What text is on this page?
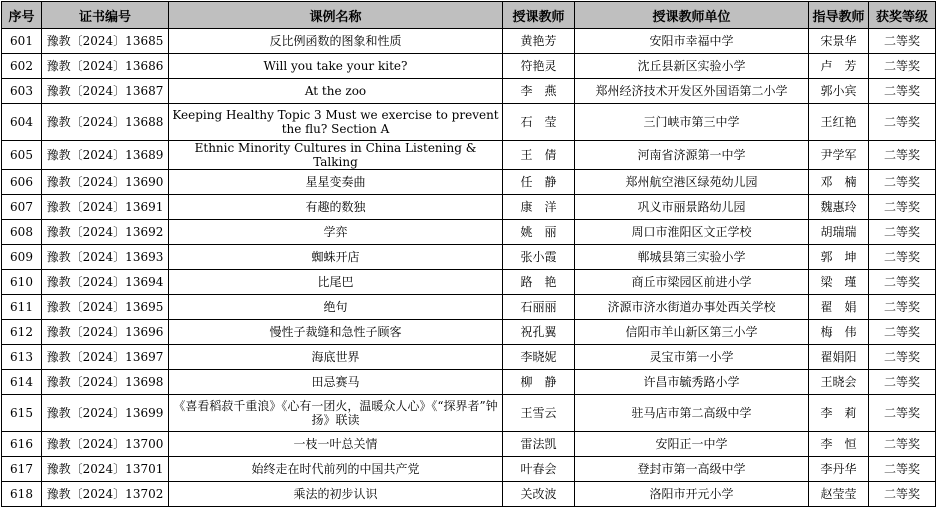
序号	证书编号	课例名称	授课教师	授课教师单位	指导教师	获奖等级
601	豫教〔2024〕13685	反比例函数的图象和性质	黄艳芳	安阳市幸福中学	宋景华	二等奖
602	豫教〔2024〕13686	Will you take your kite?	符艳灵	沈丘县新区实验小学	卢　芳	二等奖
603	豫教〔2024〕13687	At the zoo	李　燕	郑州经济技术开发区外国语第二小学	郭小宾	二等奖
604	豫教〔2024〕13688	Keeping Healthy Topic 3 Must we exercise to prevent the flu? Section A	石　莹	三门峡市第三中学	王红艳	二等奖
605	豫教〔2024〕13689	Ethnic Minority Cultures in China Listening & Talking	王　倩	河南省济源第一中学	尹学军	二等奖
606	豫教〔2024〕13690	星星变奏曲	任　静	郑州航空港区绿苑幼儿园	邓　楠	二等奖
607	豫教〔2024〕13691	有趣的数独	康　洋	巩义市丽景路幼儿园	魏惠玲	二等奖
608	豫教〔2024〕13692	学弈	姚　丽	周口市淮阳区文正学校	胡瑞瑞	二等奖
609	豫教〔2024〕13693	蜘蛛开店	张小霞	郸城县第三实验小学	郭　坤	二等奖
610	豫教〔2024〕13694	比尾巴	路　艳	商丘市梁园区前进小学	梁　瑾	二等奖
611	豫教〔2024〕13695	绝句	石丽丽	济源市济水街道办事处西关学校	翟　娟	二等奖
612	豫教〔2024〕13696	慢性子裁缝和急性子顾客	祝孔翼	信阳市羊山新区第三小学	梅　伟	二等奖
613	豫教〔2024〕13697	海底世界	李晓妮	灵宝市第一小学	翟娟阳	二等奖
614	豫教〔2024〕13698	田忌赛马	柳　静	许昌市毓秀路小学	王晓会	二等奖
615	豫教〔2024〕13699	《喜看稻菽千重浪》《心有一团火，温暖众人心》《“探界者”钟扬》联读	王雪云	驻马店市第二高级中学	李　莉	二等奖
616	豫教〔2024〕13700	一枝一叶总关情	雷法凯	安阳正一中学	李　恒	二等奖
617	豫教〔2024〕13701	始终走在时代前列的中国共产党	叶春会	登封市第一高级中学	李丹华	二等奖
618	豫教〔2024〕13702	乘法的初步认识	关改波	洛阳市开元小学	赵莹莹	二等奖
